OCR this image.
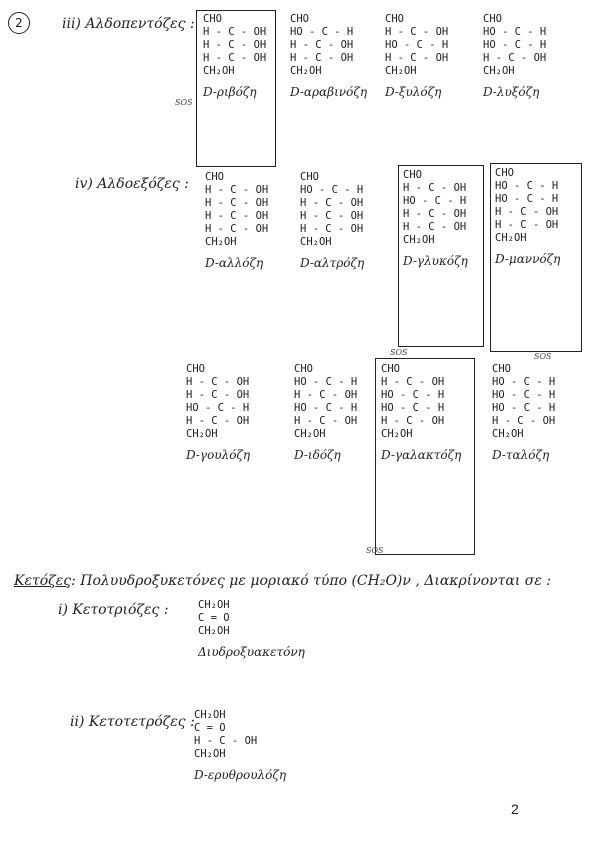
2	iii) Αλδοπεντόζες :
SOS
CHO
H - C - OH
H - C - OH
H - C - OH
CH₂OH
D-ριβόζη
CHO
HO - C - H
H - C - OH
H - C - OH
CH₂OH
D-αραβινόζη
CHO
H - C - OH
HO - C - H
H - C - OH
CH₂OH
D-ξυλόζη
CHO
HO - C - H
HO - C - H
H - C - OH
CH₂OH
D-λυξόζη
iv) Αλδοεξόζες :
SOS	SOS
CHO
H - C - OH
H - C - OH
H - C - OH
H - C - OH
CH₂OH
D-αλλόζη
CHO
HO - C - H
H - C - OH
H - C - OH
H - C - OH
CH₂OH
D-αλτρόζη
CHO
H - C - OH
HO - C - H
H - C - OH
H - C - OH
CH₂OH
D-γλυκόζη
CHO
HO - C - H
HO - C - H
H - C - OH
H - C - OH
CH₂OH
D-μαννόζη
SOS
CHO
H - C - OH
H - C - OH
HO - C - H
H - C - OH
CH₂OH
D-γουλόζη
CHO
HO - C - H
H - C - OH
HO - C - H
H - C - OH
CH₂OH
D-ιδόζη
CHO
H - C - OH
HO - C - H
HO - C - H
H - C - OH
CH₂OH
D-γαλακτόζη
CHO
HO - C - H
HO - C - H
HO - C - H
H - C - OH
CH₂OH
D-ταλόζη
Κετόζες: Πολυυδροξυκετόνες με μοριακό τύπο (CH₂O)ν , Διακρίνονται σε :
i) Κετοτριόζες :	CH₂OH
C = O
CH₂OH
Διυδροξυακετόνη
ii) Κετοτετρόζες : CH₂OH
C = O
H - C - OH
CH₂OH
D-ερυθρουλόζη
2
